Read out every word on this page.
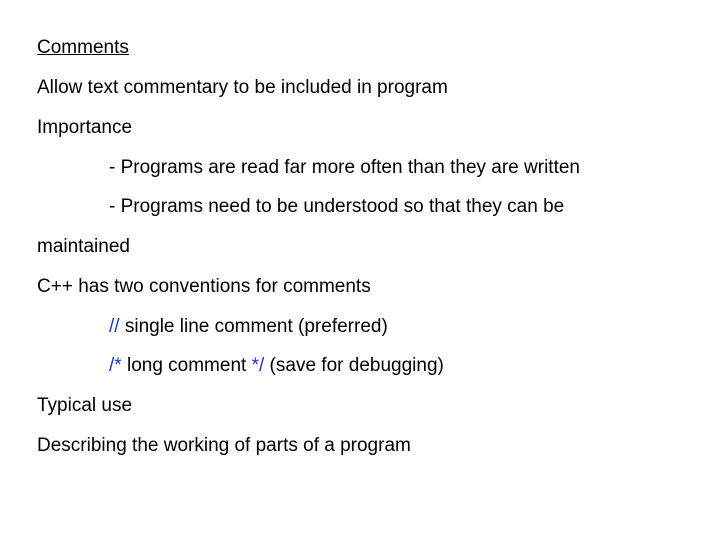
Comments
Allow text commentary to be included in program
Importance
- Programs are read far more often than they are written
- Programs need to be understood so that they can be
maintained
C++ has two conventions for comments
// single line comment (preferred)
/* long comment */ (save for debugging)
Typical use
Describing the working of parts of a program
